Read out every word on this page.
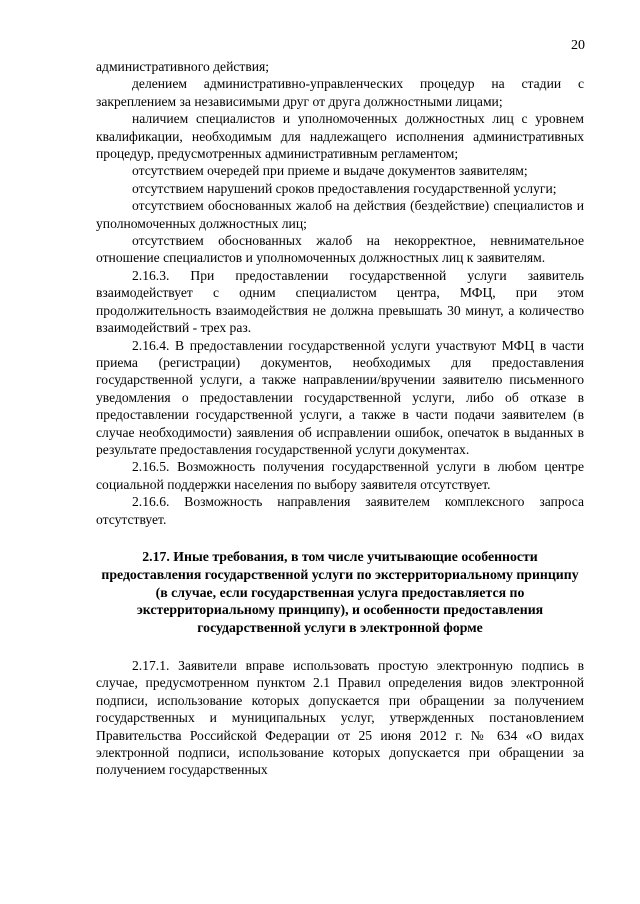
20

административного действия;

делением административно-управленческих процедур на стадии с закреплением за независимыми друг от друга должностными лицами;

наличием специалистов и уполномоченных должностных лиц с уровнем квалификации, необходимым для надлежащего исполнения административных процедур, предусмотренных административным регламентом;

отсутствием очередей при приеме и выдаче документов заявителям;

отсутствием нарушений сроков предоставления государственной услуги;

отсутствием обоснованных жалоб на действия (бездействие) специалистов и уполномоченных должностных лиц;

отсутствием обоснованных жалоб на некорректное, невнимательное отношение специалистов и уполномоченных должностных лиц к заявителям.

2.16.3. При предоставлении государственной услуги заявитель взаимодействует с одним специалистом центра, МФЦ, при этом продолжительность взаимодействия не должна превышать 30 минут, а количество взаимодействий - трех раз.

2.16.4. В предоставлении государственной услуги участвуют МФЦ в части приема (регистрации) документов, необходимых для предоставления государственной услуги, а также направлении/вручении заявителю письменного уведомления о предоставлении государственной услуги, либо об отказе в предоставлении государственной услуги, а также в части подачи заявителем (в случае необходимости) заявления об исправлении ошибок, опечаток в выданных в результате предоставления государственной услуги документах.

2.16.5. Возможность получения государственной услуги в любом центре социальной поддержки населения по выбору заявителя отсутствует.

2.16.6. Возможность направления заявителем комплексного запроса отсутствует.

2.17. Иные требования, в том числе учитывающие особенности предоставления государственной услуги по экстерриториальному принципу (в случае, если государственная услуга предоставляется по экстерриториальному принципу), и особенности предоставления государственной услуги в электронной форме

2.17.1. Заявители вправе использовать простую электронную подпись в случае, предусмотренном пунктом 2.1 Правил определения видов электронной подписи, использование которых допускается при обращении за получением государственных и муниципальных услуг, утвержденных постановлением Правительства Российской Федерации от 25 июня 2012 г. № 634 «О видах электронной подписи, использование которых допускается при обращении за получением государственных
